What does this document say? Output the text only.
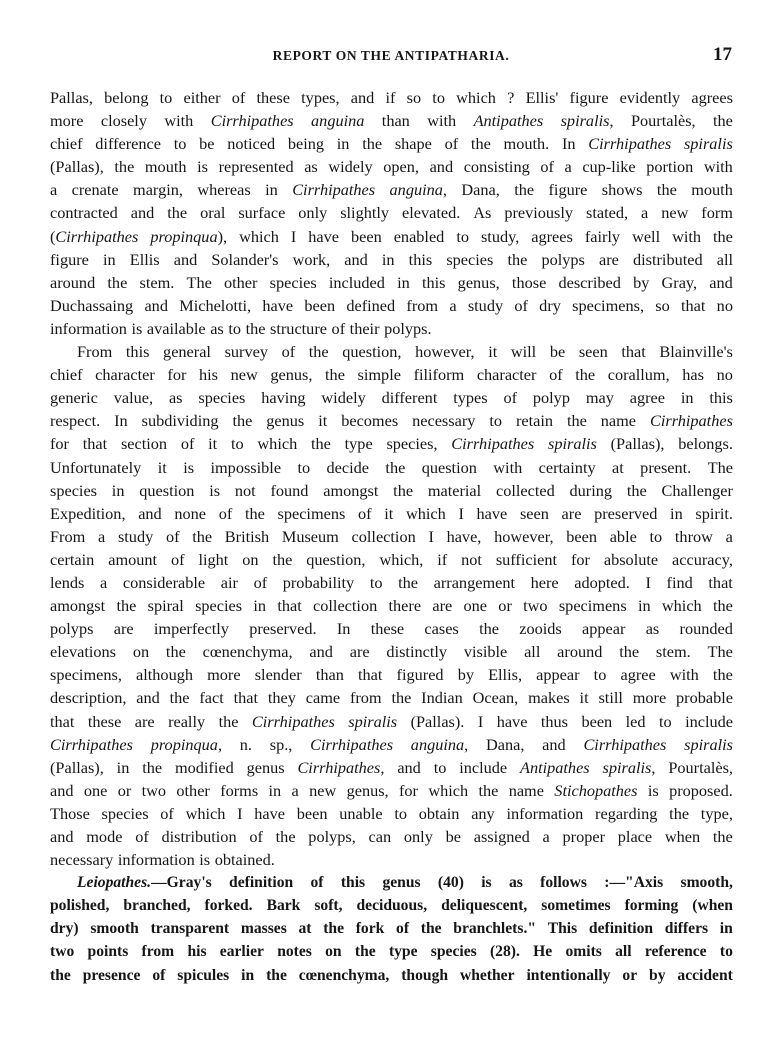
REPORT ON THE ANTIPATHARIA.	17
Pallas, belong to either of these types, and if so to which ? Ellis' figure evidently agrees
more closely with Cirrhipathes anguina than with Antipathes spiralis, Pourtalès, the
chief difference to be noticed being in the shape of the mouth. In Cirrhipathes spiralis
(Pallas), the mouth is represented as widely open, and consisting of a cup-like portion with
a crenate margin, whereas in Cirrhipathes anguina, Dana, the figure shows the mouth
contracted and the oral surface only slightly elevated. As previously stated, a new form
(Cirrhipathes propinqua), which I have been enabled to study, agrees fairly well with the
figure in Ellis and Solander's work, and in this species the polyps are distributed all
around the stem. The other species included in this genus, those described by Gray, and
Duchassaing and Michelotti, have been defined from a study of dry specimens, so that no
information is available as to the structure of their polyps.
From this general survey of the question, however, it will be seen that Blainville's
chief character for his new genus, the simple filiform character of the corallum, has no
generic value, as species having widely different types of polyp may agree in this
respect. In subdividing the genus it becomes necessary to retain the name Cirrhipathes
for that section of it to which the type species, Cirrhipathes spiralis (Pallas), belongs.
Unfortunately it is impossible to decide the question with certainty at present. The
species in question is not found amongst the material collected during the Challenger
Expedition, and none of the specimens of it which I have seen are preserved in spirit.
From a study of the British Museum collection I have, however, been able to throw a
certain amount of light on the question, which, if not sufficient for absolute accuracy,
lends a considerable air of probability to the arrangement here adopted. I find that
amongst the spiral species in that collection there are one or two specimens in which the
polyps are imperfectly preserved. In these cases the zooids appear as rounded
elevations on the cœnenchyma, and are distinctly visible all around the stem. The
specimens, although more slender than that figured by Ellis, appear to agree with the
description, and the fact that they came from the Indian Ocean, makes it still more probable
that these are really the Cirrhipathes spiralis (Pallas). I have thus been led to include
Cirrhipathes propinqua, n. sp., Cirrhipathes anguina, Dana, and Cirrhipathes spiralis
(Pallas), in the modified genus Cirrhipathes, and to include Antipathes spiralis, Pourtalès,
and one or two other forms in a new genus, for which the name Stichopathes is proposed.
Those species of which I have been unable to obtain any information regarding the type,
and mode of distribution of the polyps, can only be assigned a proper place when the
necessary information is obtained.
Leiopathes.—Gray's definition of this genus (40) is as follows :—"Axis smooth,
polished, branched, forked. Bark soft, deciduous, deliquescent, sometimes forming (when
dry) smooth transparent masses at the fork of the branchlets." This definition differs in
two points from his earlier notes on the type species (28). He omits all reference to
the presence of spicules in the cœnenchyma, though whether intentionally or by accident
